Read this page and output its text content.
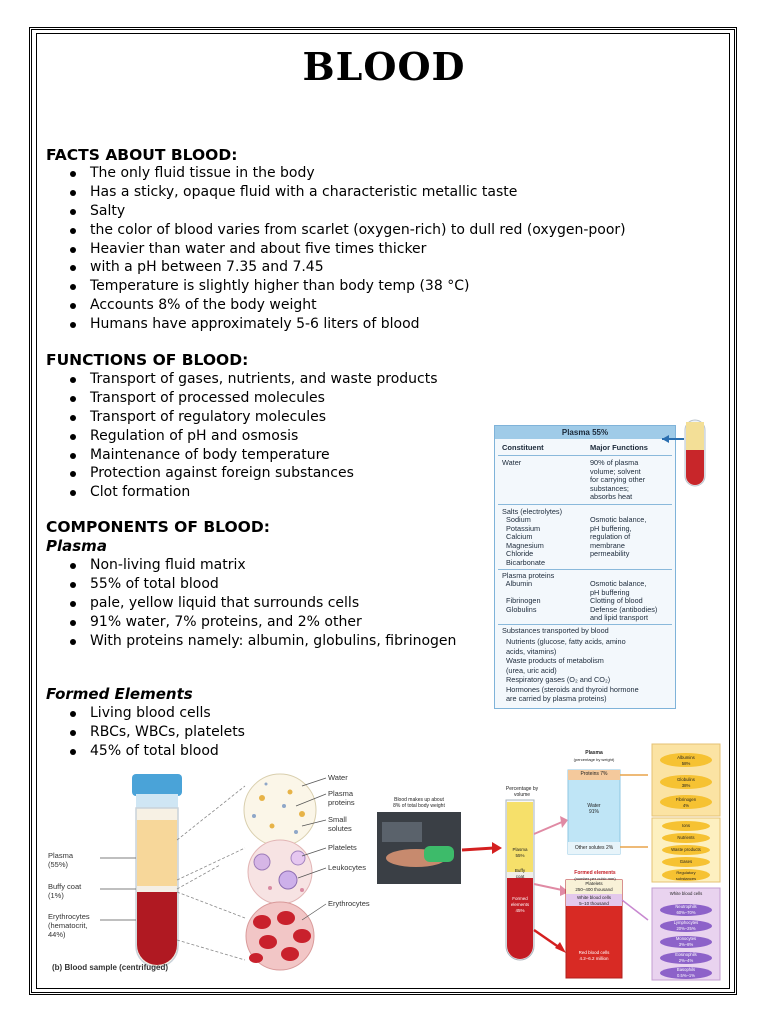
BLOOD
FACTS ABOUT BLOOD:
The only fluid tissue in the body
Has a sticky, opaque fluid with a characteristic metallic taste
Salty
the color of blood varies from scarlet (oxygen-rich) to dull red (oxygen-poor)
Heavier than water and about five times thicker
with a pH between 7.35 and 7.45
Temperature is slightly higher than body temp (38 °C)
Accounts 8% of the body weight
Humans have approximately 5-6 liters of blood
FUNCTIONS OF BLOOD:
Transport of gases, nutrients, and waste products
Transport of processed molecules
Transport of regulatory molecules
Regulation of pH and osmosis
Maintenance of body temperature
Protection against foreign substances
Clot formation
COMPONENTS OF BLOOD:
Plasma
Non-living fluid matrix
55% of total blood
pale, yellow liquid that surrounds cells
91% water, 7% proteins, and 2% other
With proteins namely: albumin, globulins, fibrinogen
Formed Elements
Living blood cells
RBCs, WBCs, platelets
45% of total blood
Plasma 55%
Constituent	Major Functions
Water	90% of plasma
volume; solvent
for carrying other
substances;
absorbs heat
Salts (electrolytes)
Sodium
Potassium
Calcium
Magnesium
Chloride
Bicarbonate
Osmotic balance,
pH buffering,
regulation of
membrane
permeability
Plasma proteins
Albumin

Fibrinogen
Globulins
Osmotic balance,
pH buffering
Clotting of blood
Defense (antibodies)
and lipid transport
Substances transported by blood
Nutrients (glucose, fatty acids, amino
acids, vitamins)
Waste products of metabolism
(urea, uric acid)
Respiratory gases (O₂ and CO₂)
Hormones (steroids and thyroid hormone
are carried by plasma proteins)
Plasma
(55%)
Buffy coat
(1%)
Erythrocytes
(hematocrit,
44%)
Water
Plasma
proteins
Small
solutes
Platelets
Leukocytes
Erythrocytes
(b) Blood sample (centrifuged)
Blood makes up about
8% of total body weight
Percentage by
volume
Plasma
55%
Buffy
coat
Formed
elements
45%
Plasma
(percentage by weight)
Proteins 7%
Water
91%
Other solutes 2%
Formed elements
(number per cubic mm)
Platelets
250–400 thousand
White blood cells
5–10 thousand
Red blood cells
4.2–6.2 million
Albumins
58%
Globulins
38%
Fibrinogen
4%
Ions
Nutrients
Waste products
Gases
Regulatory
substances
White blood cells
Neutrophils
60%–70%
Lymphocytes
20%–25%
Monocytes
3%–8%
Eosinophils
2%–4%
Basophils
0.5%–1%
